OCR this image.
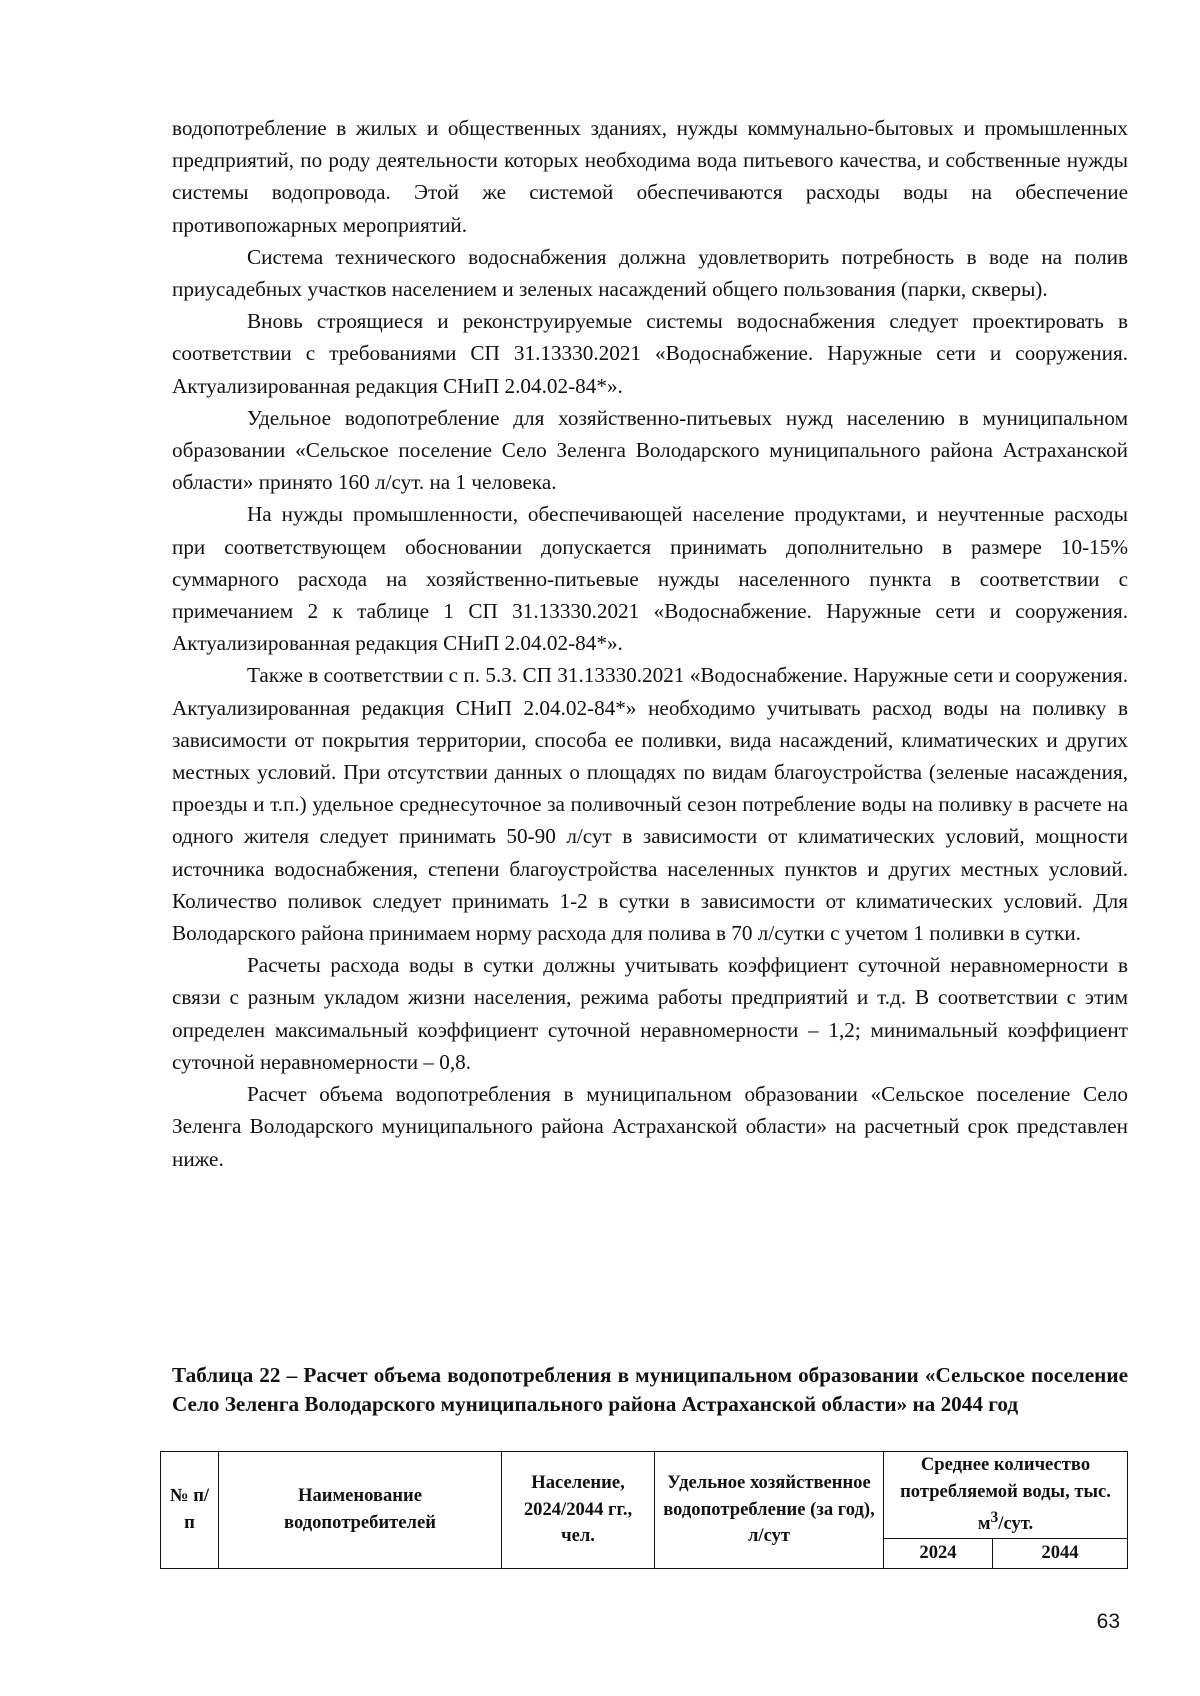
водопотребление в жилых и общественных зданиях, нужды коммунально-бытовых и промышленных предприятий, по роду деятельности которых необходима вода питьевого качества, и собственные нужды системы водопровода. Этой же системой обеспечиваются расходы воды на обеспечение противопожарных мероприятий.

Система технического водоснабжения должна удовлетворить потребность в воде на полив приусадебных участков населением и зеленых насаждений общего пользования (парки, скверы).

Вновь строящиеся и реконструируемые системы водоснабжения следует проектировать в соответствии с требованиями СП 31.13330.2021 «Водоснабжение. Наружные сети и сооружения. Актуализированная редакция СНиП 2.04.02-84*».

Удельное водопотребление для хозяйственно-питьевых нужд населению в муниципальном образовании «Сельское поселение Село Зеленга Володарского муниципального района Астраханской области» принято 160 л/сут. на 1 человека.

На нужды промышленности, обеспечивающей население продуктами, и неучтенные расходы при соответствующем обосновании допускается принимать дополнительно в размере 10-15% суммарного расхода на хозяйственно-питьевые нужды населенного пункта в соответствии с примечанием 2 к таблице 1 СП 31.13330.2021 «Водоснабжение. Наружные сети и сооружения. Актуализированная редакция СНиП 2.04.02-84*».

Также в соответствии с п. 5.3. СП 31.13330.2021 «Водоснабжение. Наружные сети и сооружения. Актуализированная редакция СНиП 2.04.02-84*» необходимо учитывать расход воды на поливку в зависимости от покрытия территории, способа ее поливки, вида насаждений, климатических и других местных условий. При отсутствии данных о площадях по видам благоустройства (зеленые насаждения, проезды и т.п.) удельное среднесуточное за поливочный сезон потребление воды на поливку в расчете на одного жителя следует принимать 50-90 л/сут в зависимости от климатических условий, мощности источника водоснабжения, степени благоустройства населенных пунктов и других местных условий. Количество поливок следует принимать 1-2 в сутки в зависимости от климатических условий. Для Володарского района принимаем норму расхода для полива в 70 л/сутки с учетом 1 поливки в сутки.

Расчеты расхода воды в сутки должны учитывать коэффициент суточной неравномерности в связи с разным укладом жизни населения, режима работы предприятий и т.д. В соответствии с этим определен максимальный коэффициент суточной неравномерности – 1,2; минимальный коэффициент суточной неравномерности – 0,8.

Расчет объема водопотребления в муниципальном образовании «Сельское поселение Село Зеленга Володарского муниципального района Астраханской области» на расчетный срок представлен ниже.

Таблица 22 – Расчет объема водопотребления в муниципальном образовании «Сельское поселение Село Зеленга Володарского муниципального района Астраханской области» на 2044 год
№ п/п	Наименование водопотребителей	Население, 2024/2044 гг., чел.	Удельное хозяйственное водопотребление (за год), л/сут	Среднее количество потребляемой воды, тыс. $м^3$/сут.	
				2024	2044
63
